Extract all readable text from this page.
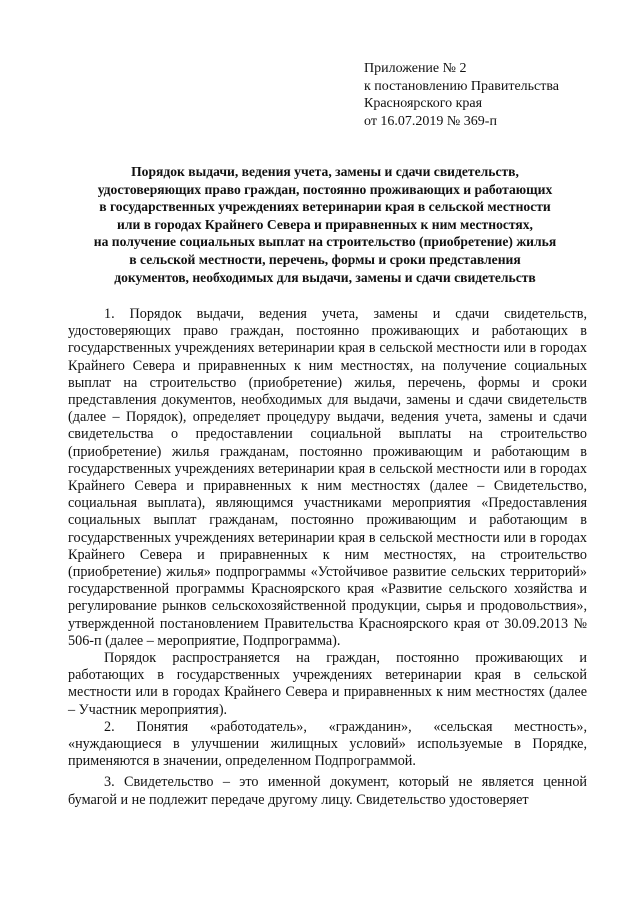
Приложение № 2
к постановлению Правительства
Красноярского края
от 16.07.2019 № 369-п
Порядок выдачи, ведения учета, замены и сдачи свидетельств,
удостоверяющих право граждан, постоянно проживающих и работающих
в государственных учреждениях ветеринарии края в сельской местности
или в городах Крайнего Севера и приравненных к ним местностях,
на получение социальных выплат на строительство (приобретение) жилья
в сельской местности, перечень, формы и сроки представления
документов, необходимых для выдачи, замены и сдачи свидетельств

1. Порядок выдачи, ведения учета, замены и сдачи свидетельств, удостоверяющих право граждан, постоянно проживающих и работающих в государственных учреждениях ветеринарии края в сельской местности или в городах Крайнего Севера и приравненных к ним местностях, на получение социальных выплат на строительство (приобретение) жилья, перечень, формы и сроки представления документов, необходимых для выдачи, замены и сдачи свидетельств (далее – Порядок), определяет процедуру выдачи, ведения учета, замены и сдачи свидетельства о предоставлении социальной выплаты на строительство (приобретение) жилья гражданам, постоянно проживающим и работающим в государственных учреждениях ветеринарии края в сельской местности или в городах Крайнего Севера и приравненных к ним местностях (далее – Свидетельство, социальная выплата), являющимся участниками мероприятия «Предоставления социальных выплат гражданам, постоянно проживающим и работающим в государственных учреждениях ветеринарии края в сельской местности или в городах Крайнего Севера и приравненных к ним местностях, на строительство (приобретение) жилья» подпрограммы «Устойчивое развитие сельских территорий» государственной программы Красноярского края «Развитие сельского хозяйства и регулирование рынков сельскохозяйственной продукции, сырья и продовольствия», утвержденной постановлением Правительства Красноярского края от 30.09.2013 № 506-п (далее – мероприятие, Подпрограмма).

Порядок распространяется на граждан, постоянно проживающих и работающих в государственных учреждениях ветеринарии края в сельской местности или в городах Крайнего Севера и приравненных к ним местностях (далее – Участник мероприятия).

2. Понятия «работодатель», «гражданин», «сельская местность», «нуждающиеся в улучшении жилищных условий» используемые в Порядке, применяются в значении, определенном Подпрограммой.

3. Свидетельство – это именной документ, который не является ценной бумагой и не подлежит передаче другому лицу. Свидетельство удостоверяет
